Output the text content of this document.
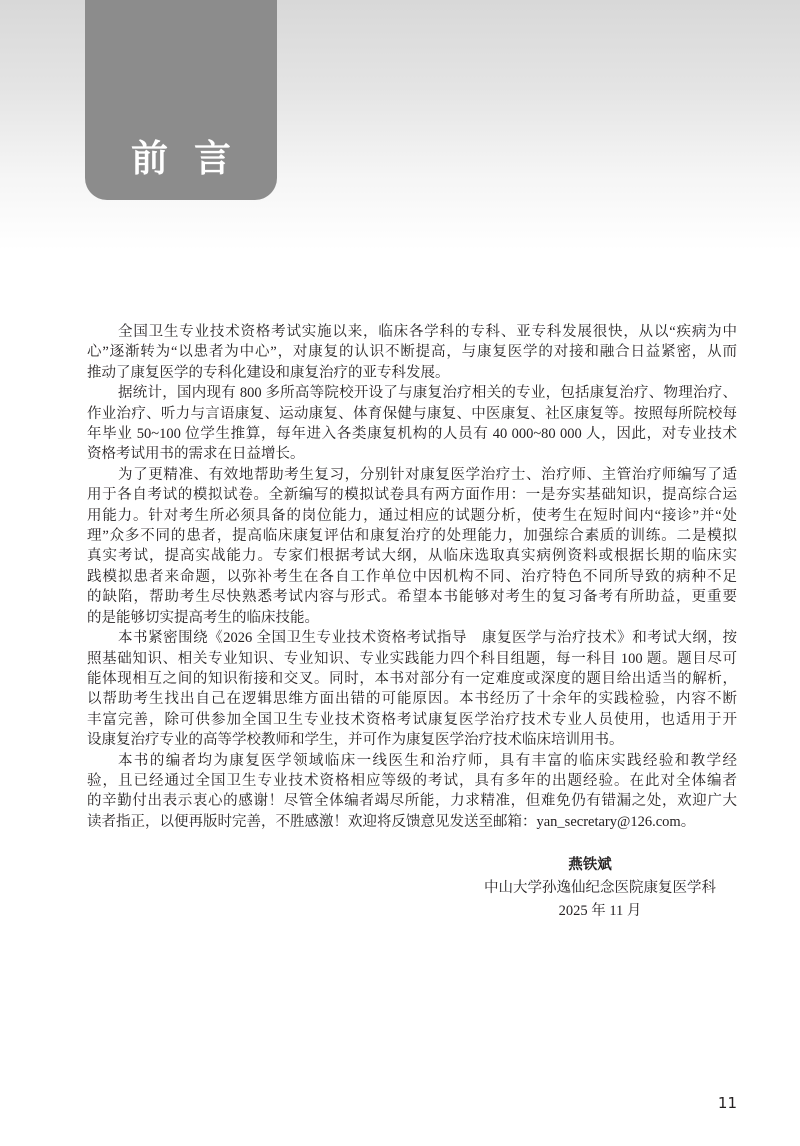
前言
全国卫生专业技术资格考试实施以来，临床各学科的专科、亚专科发展很快，从以“疾病为中
心”逐渐转为“以患者为中心”，对康复的认识不断提高，与康复医学的对接和融合日益紧密，从而
推动了康复医学的专科化建设和康复治疗的亚专科发展。
据统计，国内现有 800 多所高等院校开设了与康复治疗相关的专业，包括康复治疗、物理治疗、
作业治疗、听力与言语康复、运动康复、体育保健与康复、中医康复、社区康复等。按照每所院校每
年毕业 50~100 位学生推算，每年进入各类康复机构的人员有 40 000~80 000 人，因此，对专业技术
资格考试用书的需求在日益增长。
为了更精准、有效地帮助考生复习，分别针对康复医学治疗士、治疗师、主管治疗师编写了适
用于各自考试的模拟试卷。全新编写的模拟试卷具有两方面作用：一是夯实基础知识，提高综合运
用能力。针对考生所必须具备的岗位能力，通过相应的试题分析，使考生在短时间内“接诊”并“处
理”众多不同的患者，提高临床康复评估和康复治疗的处理能力，加强综合素质的训练。二是模拟
真实考试，提高实战能力。专家们根据考试大纲，从临床选取真实病例资料或根据长期的临床实
践模拟患者来命题，以弥补考生在各自工作单位中因机构不同、治疗特色不同所导致的病种不足
的缺陷，帮助考生尽快熟悉考试内容与形式。希望本书能够对考生的复习备考有所助益，更重要
的是能够切实提高考生的临床技能。
本书紧密围绕《2026 全国卫生专业技术资格考试指导　康复医学与治疗技术》和考试大纲，按
照基础知识、相关专业知识、专业知识、专业实践能力四个科目组题，每一科目 100 题。题目尽可
能体现相互之间的知识衔接和交叉。同时，本书对部分有一定难度或深度的题目给出适当的解析，
以帮助考生找出自己在逻辑思维方面出错的可能原因。本书经历了十余年的实践检验，内容不断
丰富完善，除可供参加全国卫生专业技术资格考试康复医学治疗技术专业人员使用，也适用于开
设康复治疗专业的高等学校教师和学生，并可作为康复医学治疗技术临床培训用书。
本书的编者均为康复医学领域临床一线医生和治疗师，具有丰富的临床实践经验和教学经
验，且已经通过全国卫生专业技术资格相应等级的考试，具有多年的出题经验。在此对全体编者
的辛勤付出表示衷心的感谢！尽管全体编者竭尽所能，力求精准，但难免仍有错漏之处，欢迎广大
读者指正，以便再版时完善，不胜感激！欢迎将反馈意见发送至邮箱：yan_secretary@126.com。
燕铁斌
中山大学孙逸仙纪念医院康复医学科
2025 年 11 月
11
